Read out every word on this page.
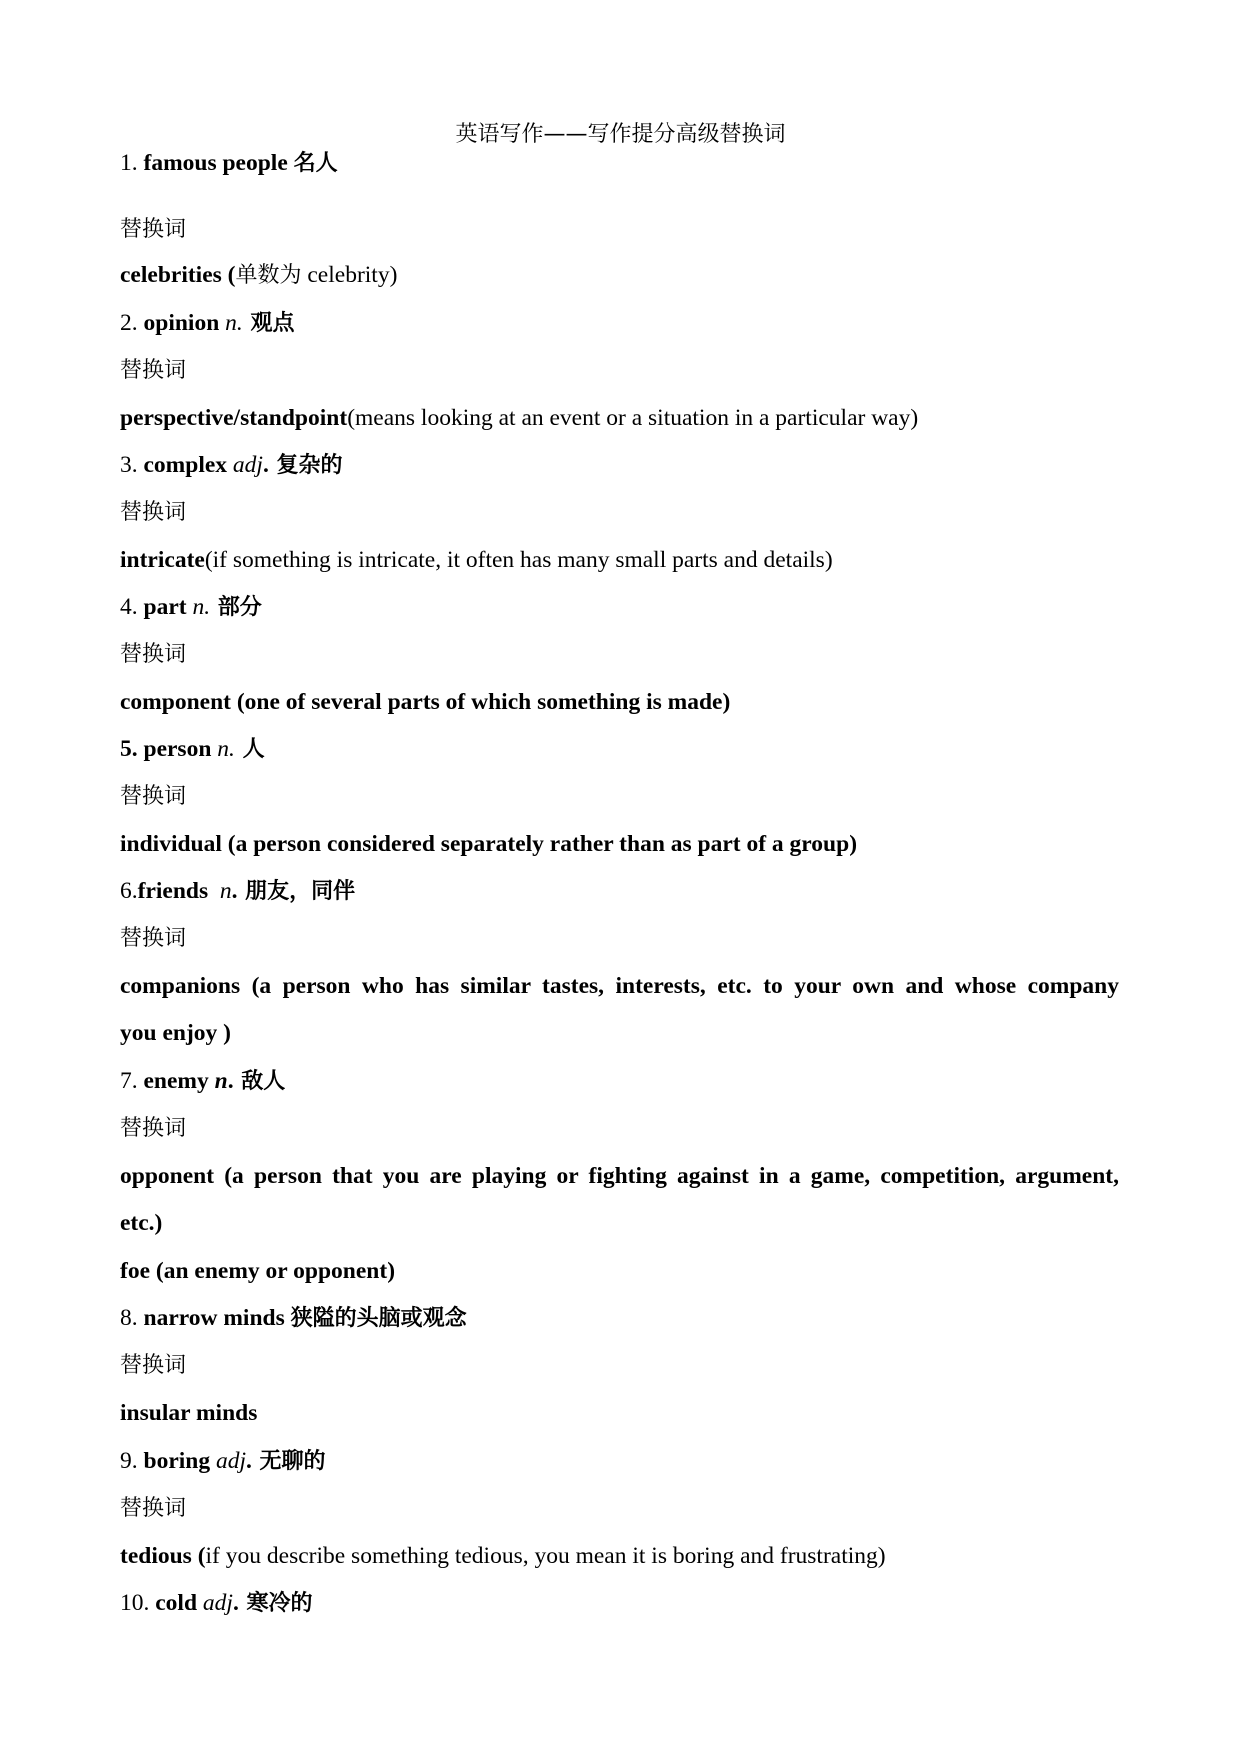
英语写作——写作提分高级替换词
1. famous people 名人
替换词
celebrities (单数为 celebrity)
2. opinion n. 观点
替换词
perspective/standpoint(means looking at an event or a situation in a particular way)
3. complex adj. 复杂的
替换词
intricate(if something is intricate, it often has many small parts and details)
4. part n. 部分
替换词
component (one of several parts of which something is made)
5. person n. 人
替换词
individual (a person considered separately rather than as part of a group)
6.friends  n. 朋友，同伴
替换词
companions (a person who has similar tastes, interests, etc. to your own and whose company
you enjoy )
7. enemy n. 敌人
替换词
opponent (a person that you are playing or fighting against in a game, competition, argument,
etc.)
foe (an enemy or opponent)
8. narrow minds 狭隘的头脑或观念
替换词
insular minds
9. boring adj. 无聊的
替换词
tedious (if you describe something tedious, you mean it is boring and frustrating)
10. cold adj. 寒冷的
